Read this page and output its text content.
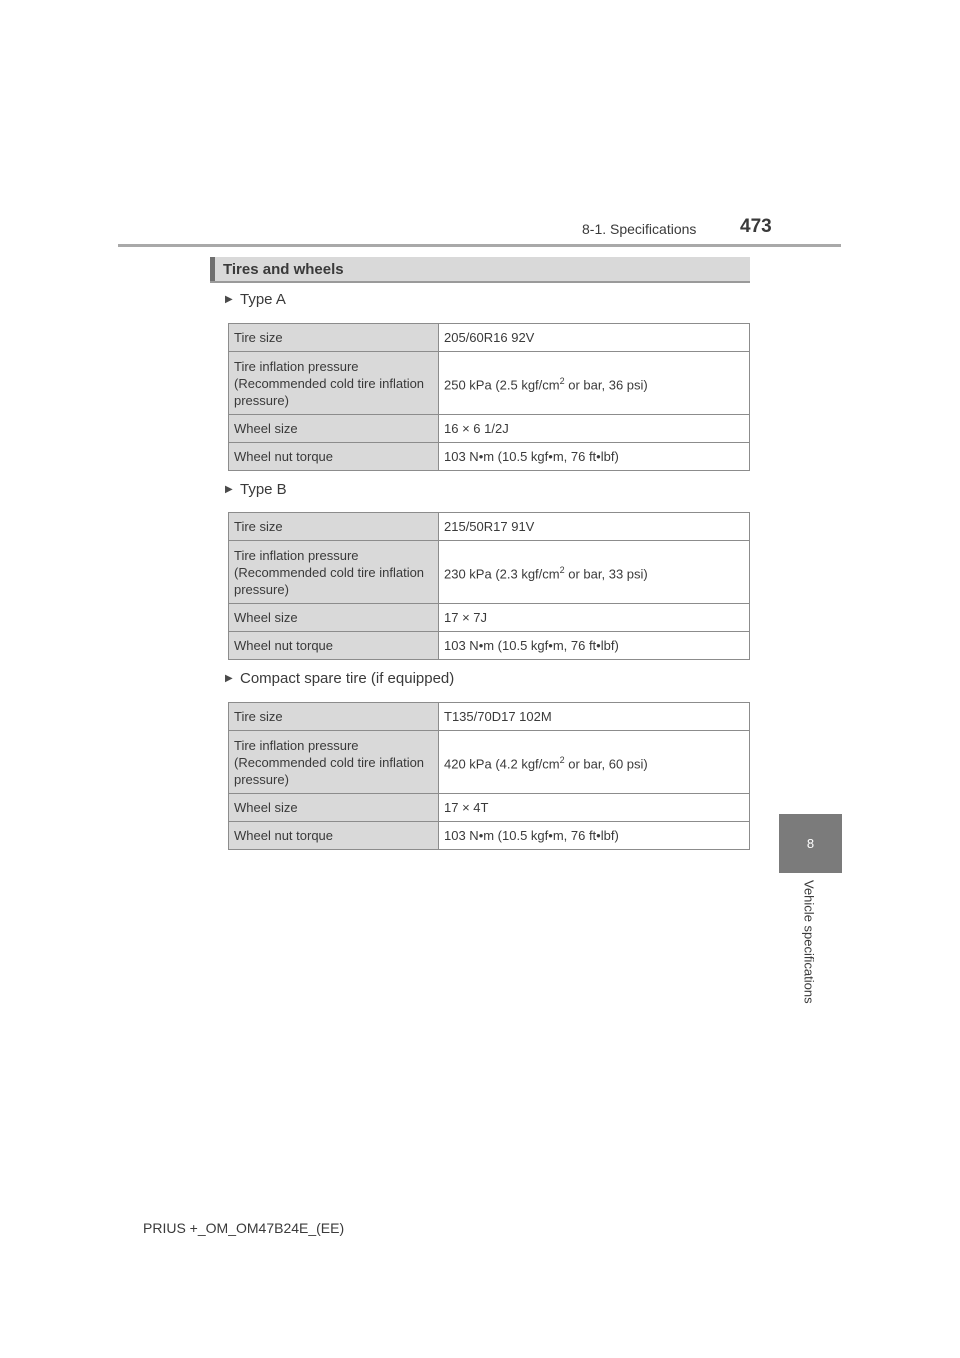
8-1. Specifications 473
8
Vehicle specifications
Tires and wheels
▶ Type A
Tire size	205/60R16 92V
Tire inflation pressure (Recommended cold tire inflation pressure)	250 kPa (2.5 kgf/$cm^2$ or bar, 36 psi)
Wheel size	16 × 6 1/2J
Wheel nut torque	103 N•m (10.5 kgf•m, 76 ft•lbf)
▶ Type B
Tire size	215/50R17 91V
Tire inflation pressure (Recommended cold tire inflation pressure)	230 kPa (2.3 kgf/$cm^2$ or bar, 33 psi)
Wheel size	17 × 7J
Wheel nut torque	103 N•m (10.5 kgf•m, 76 ft•lbf)
▶ Compact spare tire (if equipped)
Tire size	T135/70D17 102M
Tire inflation pressure (Recommended cold tire inflation pressure)	420 kPa (4.2 kgf/$cm^2$ or bar, 60 psi)
Wheel size	17 × 4T
Wheel nut torque	103 N•m (10.5 kgf•m, 76 ft•lbf)
PRIUS +_OM_OM47B24E_(EE)
